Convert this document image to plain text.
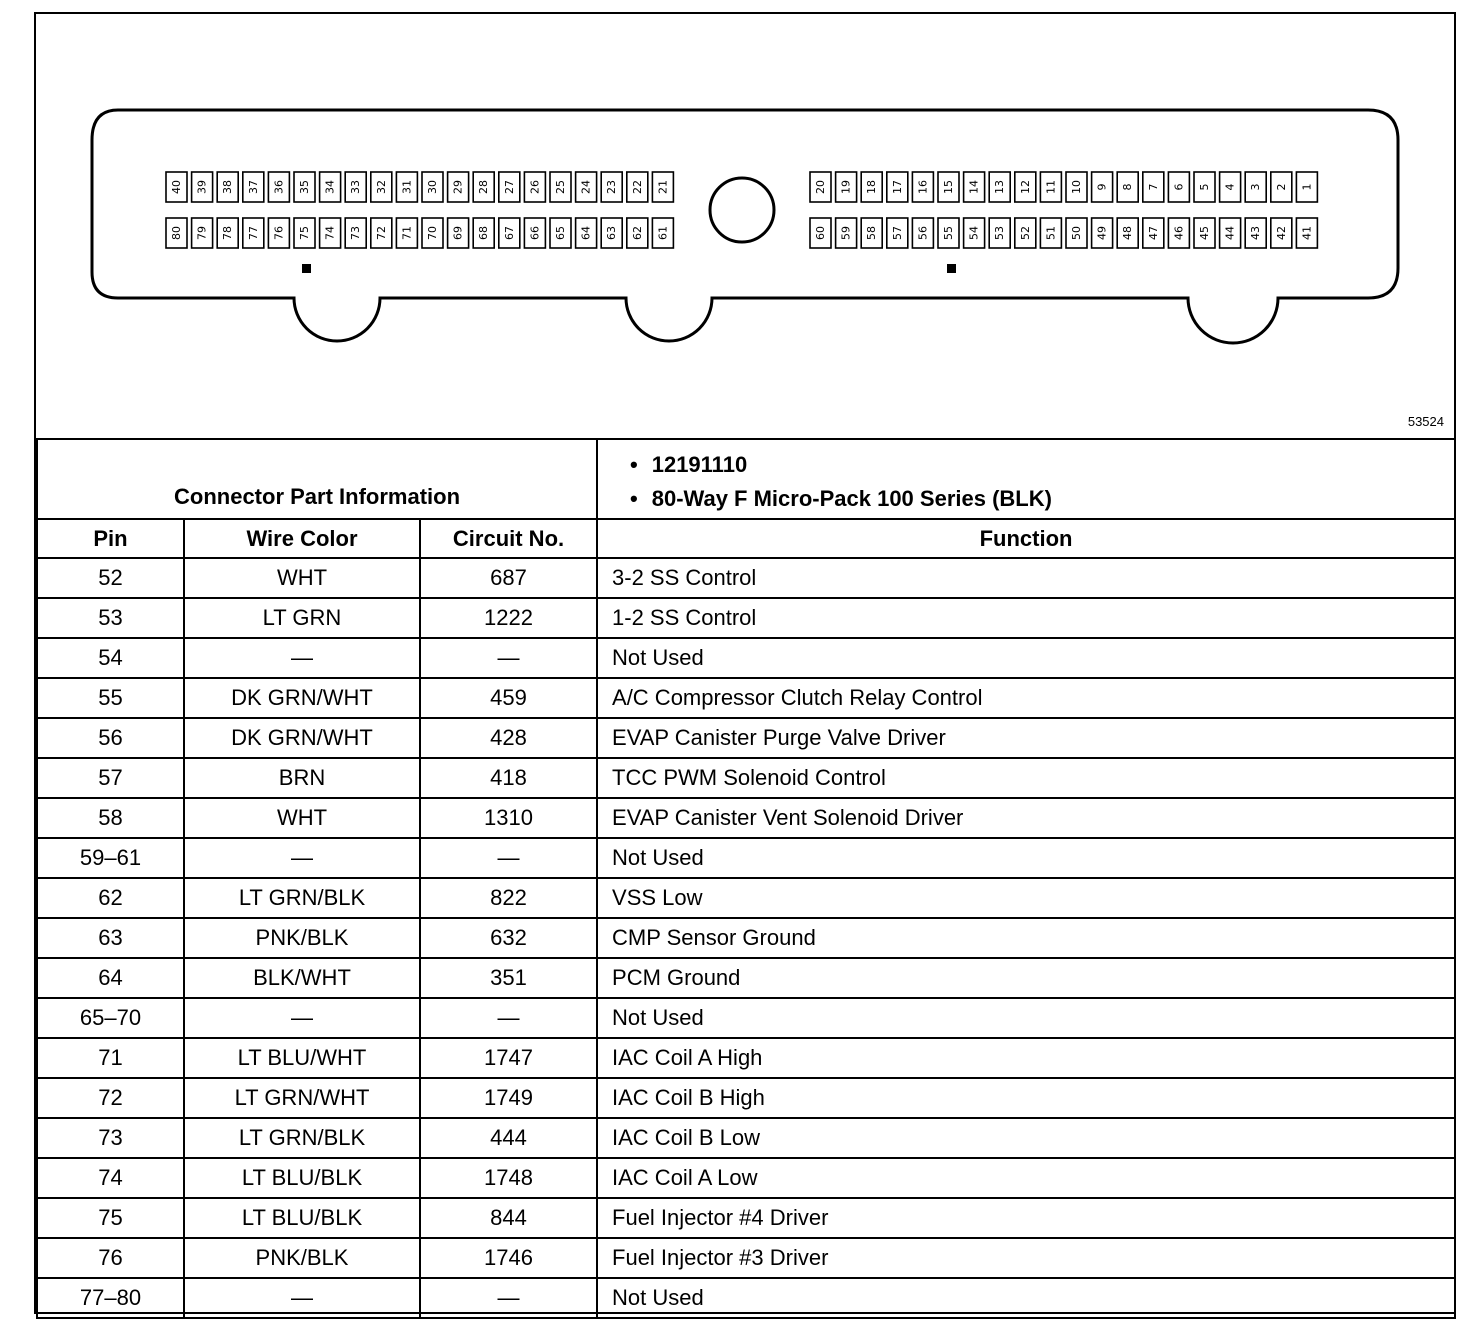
40 39 38 37 36 35 34 33 32 31 30 29 28 27 26 25 24 23 22 21
80 79 78 77 76 75 74 73 72 71 70 69 68 67 66 65 64 63 62 61
20 19 18 17 16 15 14 13 12 11 10 9 8 7 6 5 4 3 2 1
60 59 58 57 56 55 54 53 52 51 50 49 48 47 46 45 44 43 42 41
53524
Connector Part Information			• 12191110
• 80-Way F Micro-Pack 100 Series (BLK)

Pin	Wire Color	Circuit No.	Function
52	WHT	687	3-2 SS Control
53	LT GRN	1222	1-2 SS Control
54	—	—	Not Used
55	DK GRN/WHT	459	A/C Compressor Clutch Relay Control
56	DK GRN/WHT	428	EVAP Canister Purge Valve Driver
57	BRN	418	TCC PWM Solenoid Control
58	WHT	1310	EVAP Canister Vent Solenoid Driver
59–61	—	—	Not Used
62	LT GRN/BLK	822	VSS Low
63	PNK/BLK	632	CMP Sensor Ground
64	BLK/WHT	351	PCM Ground
65–70	—	—	Not Used
71	LT BLU/WHT	1747	IAC Coil A High
72	LT GRN/WHT	1749	IAC Coil B High
73	LT GRN/BLK	444	IAC Coil B Low
74	LT BLU/BLK	1748	IAC Coil A Low
75	LT BLU/BLK	844	Fuel Injector #4 Driver
76	PNK/BLK	1746	Fuel Injector #3 Driver
77–80	—	—	Not Used
